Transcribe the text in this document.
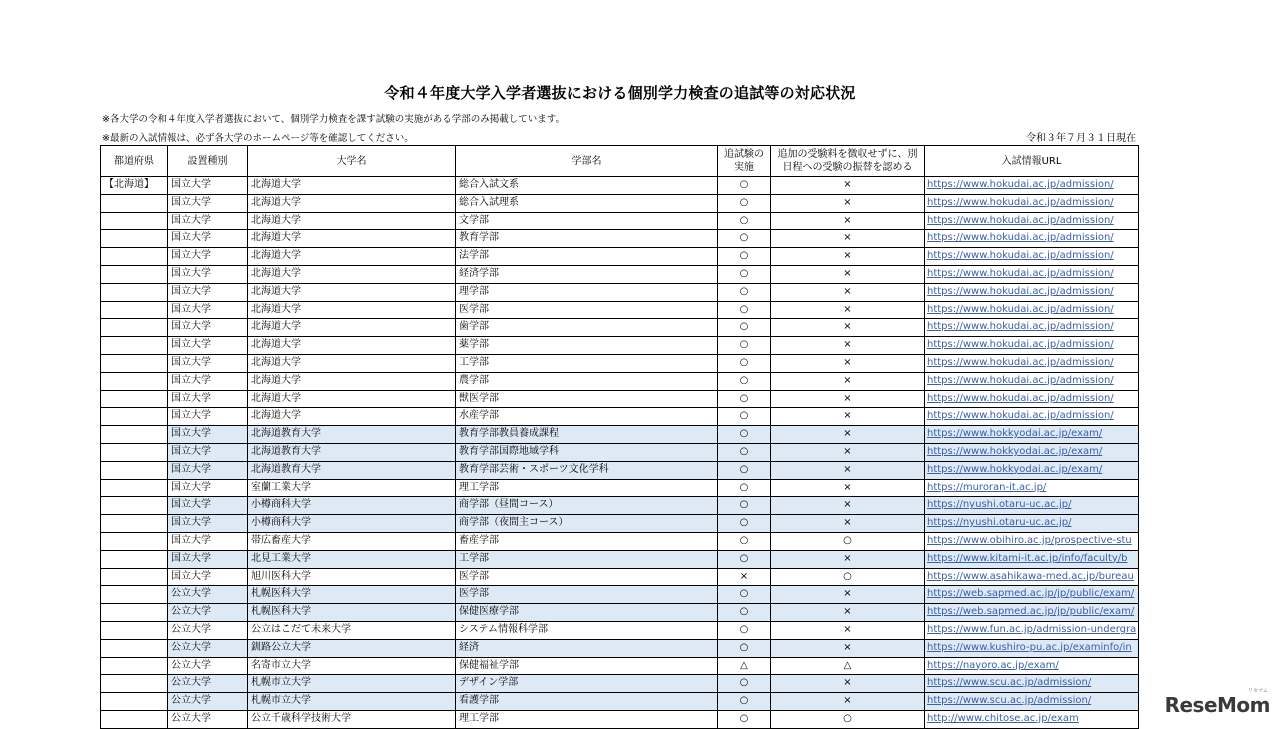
令和４年度大学入学者選抜における個別学力検査の追試等の対応状況
※各大学の令和４年度入学者選抜において、個別学力検査を課す試験の実施がある学部のみ掲載しています。
※最新の入試情報は、必ず各大学のホームページ等を確認してください。	令和３年７月３１日現在
都道府県	設置種別	大学名	学部名	追試験の実施	追加の受験料を徴収せずに、別日程への受験の振替を認める	入試情報URL
【北海道】	国立大学	北海道大学	総合入試文系	○	×	https://www.hokudai.ac.jp/admission/
	国立大学	北海道大学	総合入試理系	○	×	https://www.hokudai.ac.jp/admission/
	国立大学	北海道大学	文学部	○	×	https://www.hokudai.ac.jp/admission/
	国立大学	北海道大学	教育学部	○	×	https://www.hokudai.ac.jp/admission/
	国立大学	北海道大学	法学部	○	×	https://www.hokudai.ac.jp/admission/
	国立大学	北海道大学	経済学部	○	×	https://www.hokudai.ac.jp/admission/
	国立大学	北海道大学	理学部	○	×	https://www.hokudai.ac.jp/admission/
	国立大学	北海道大学	医学部	○	×	https://www.hokudai.ac.jp/admission/
	国立大学	北海道大学	歯学部	○	×	https://www.hokudai.ac.jp/admission/
	国立大学	北海道大学	薬学部	○	×	https://www.hokudai.ac.jp/admission/
	国立大学	北海道大学	工学部	○	×	https://www.hokudai.ac.jp/admission/
	国立大学	北海道大学	農学部	○	×	https://www.hokudai.ac.jp/admission/
	国立大学	北海道大学	獣医学部	○	×	https://www.hokudai.ac.jp/admission/
	国立大学	北海道大学	水産学部	○	×	https://www.hokudai.ac.jp/admission/
	国立大学	北海道教育大学	教育学部教員養成課程	○	×	https://www.hokkyodai.ac.jp/exam/
	国立大学	北海道教育大学	教育学部国際地域学科	○	×	https://www.hokkyodai.ac.jp/exam/
	国立大学	北海道教育大学	教育学部芸術・スポーツ文化学科	○	×	https://www.hokkyodai.ac.jp/exam/
	国立大学	室蘭工業大学	理工学部	○	×	https://muroran-it.ac.jp/
	国立大学	小樽商科大学	商学部（昼間コース）	○	×	https://nyushi.otaru-uc.ac.jp/
	国立大学	小樽商科大学	商学部（夜間主コース）	○	×	https://nyushi.otaru-uc.ac.jp/
	国立大学	帯広畜産大学	畜産学部	○	○	https://www.obihiro.ac.jp/prospective-stu
	国立大学	北見工業大学	工学部	○	×	https://www.kitami-it.ac.jp/info/faculty/b
	国立大学	旭川医科大学	医学部	×	○	https://www.asahikawa-med.ac.jp/bureau
	公立大学	札幌医科大学	医学部	○	×	https://web.sapmed.ac.jp/jp/public/exam/
	公立大学	札幌医科大学	保健医療学部	○	×	https://web.sapmed.ac.jp/jp/public/exam/
	公立大学	公立はこだて未来大学	システム情報科学部	○	×	https://www.fun.ac.jp/admission-undergra
	公立大学	釧路公立大学	経済	○	×	https://www.kushiro-pu.ac.jp/examinfo/in
	公立大学	名寄市立大学	保健福祉学部	△	△	https://nayoro.ac.jp/exam/
	公立大学	札幌市立大学	デザイン学部	○	×	https://www.scu.ac.jp/admission/
	公立大学	札幌市立大学	看護学部	○	×	https://www.scu.ac.jp/admission/
	公立大学	公立千歳科学技術大学	理工学部	○	○	http://www.chitose.ac.jp/exam
リセマム
ReseMom
